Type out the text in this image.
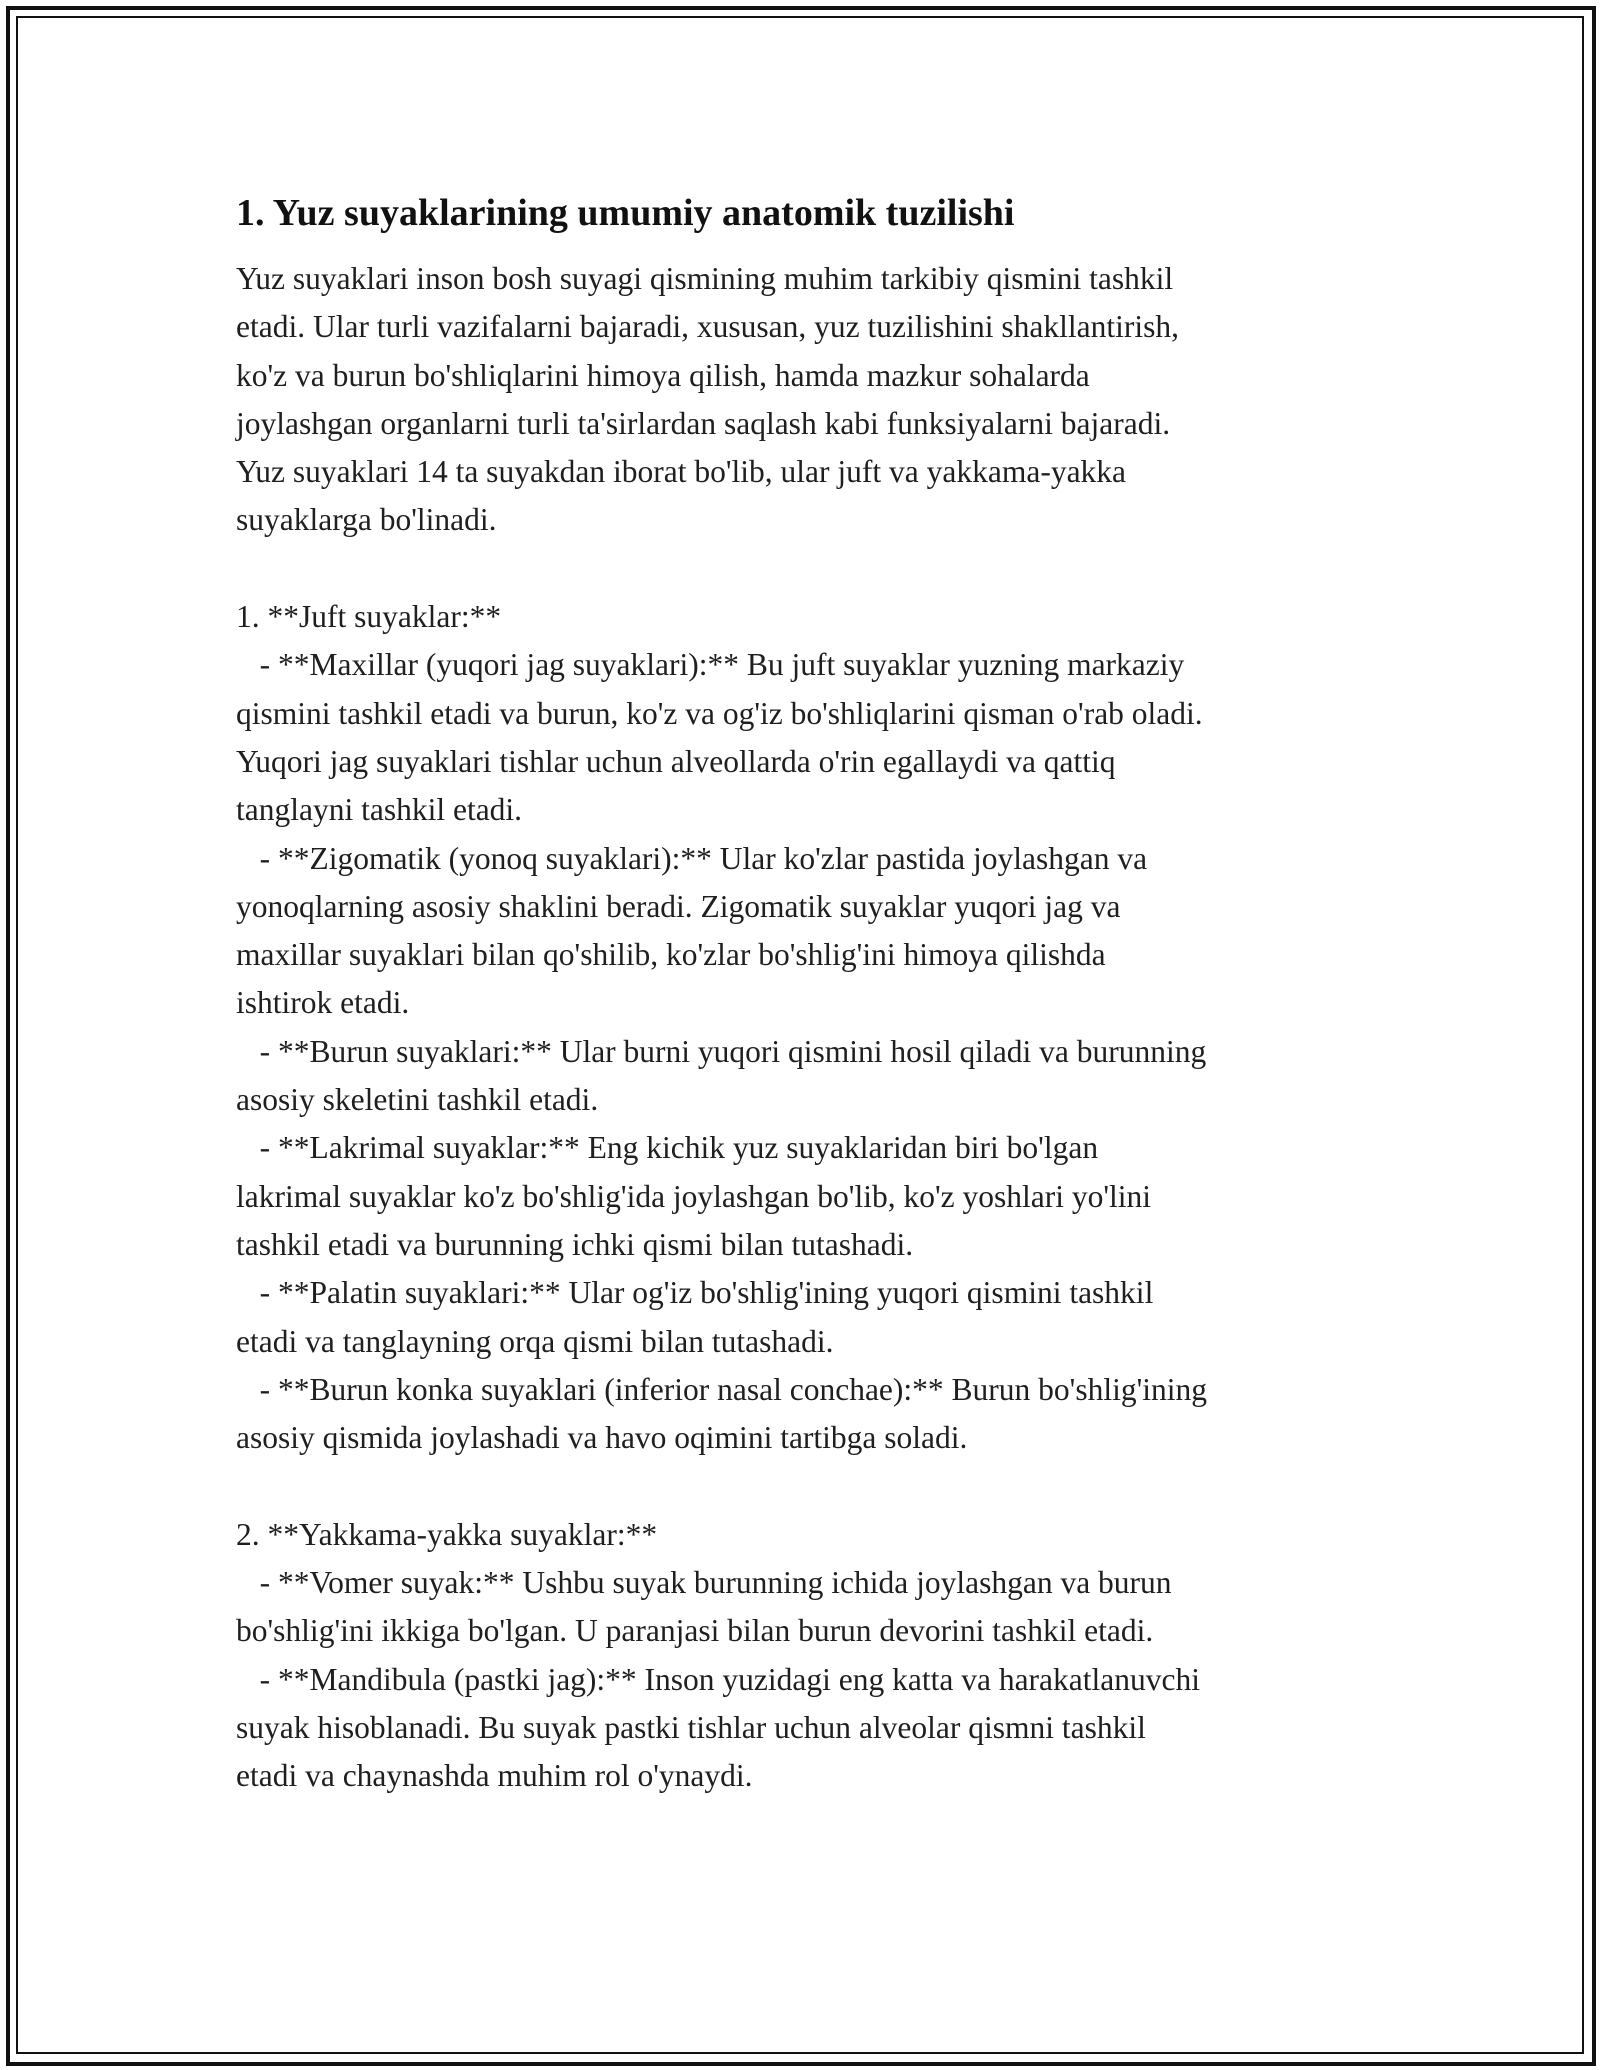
1. Yuz suyaklarining umumiy anatomik tuzilishi
Yuz suyaklari inson bosh suyagi qismining muhim tarkibiy qismini tashkil
etadi. Ular turli vazifalarni bajaradi, xususan, yuz tuzilishini shakllantirish,
ko'z va burun bo'shliqlarini himoya qilish, hamda mazkur sohalarda
joylashgan organlarni turli ta'sirlardan saqlash kabi funksiyalarni bajaradi.
Yuz suyaklari 14 ta suyakdan iborat bo'lib, ular juft va yakkama-yakka
suyaklarga bo'linadi.
1. **Juft suyaklar:**
- **Maxillar (yuqori jag suyaklari):** Bu juft suyaklar yuzning markaziy
qismini tashkil etadi va burun, ko'z va og'iz bo'shliqlarini qisman o'rab oladi.
Yuqori jag suyaklari tishlar uchun alveollarda o'rin egallaydi va qattiq
tanglayni tashkil etadi.
- **Zigomatik (yonoq suyaklari):** Ular ko'zlar pastida joylashgan va
yonoqlarning asosiy shaklini beradi. Zigomatik suyaklar yuqori jag va
maxillar suyaklari bilan qo'shilib, ko'zlar bo'shlig'ini himoya qilishda
ishtirok etadi.
- **Burun suyaklari:** Ular burni yuqori qismini hosil qiladi va burunning
asosiy skeletini tashkil etadi.
- **Lakrimal suyaklar:** Eng kichik yuz suyaklaridan biri bo'lgan
lakrimal suyaklar ko'z bo'shlig'ida joylashgan bo'lib, ko'z yoshlari yo'lini
tashkil etadi va burunning ichki qismi bilan tutashadi.
- **Palatin suyaklari:** Ular og'iz bo'shlig'ining yuqori qismini tashkil
etadi va tanglayning orqa qismi bilan tutashadi.
- **Burun konka suyaklari (inferior nasal conchae):** Burun bo'shlig'ining
asosiy qismida joylashadi va havo oqimini tartibga soladi.
2. **Yakkama-yakka suyaklar:**
- **Vomer suyak:** Ushbu suyak burunning ichida joylashgan va burun
bo'shlig'ini ikkiga bo'lgan. U paranjasi bilan burun devorini tashkil etadi.
- **Mandibula (pastki jag):** Inson yuzidagi eng katta va harakatlanuvchi
suyak hisoblanadi. Bu suyak pastki tishlar uchun alveolar qismni tashkil
etadi va chaynashda muhim rol o'ynaydi.
